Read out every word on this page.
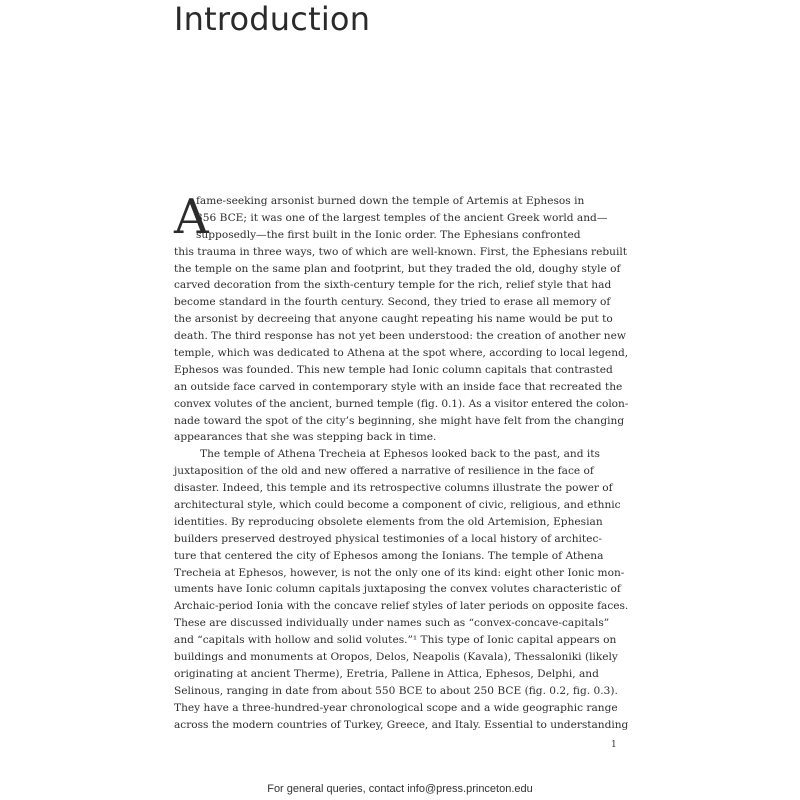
Introduction
A
fame-seeking arsonist burned down the temple of Artemis at Ephesos in
356 BCE; it was one of the largest temples of the ancient Greek world and—
supposedly—the first built in the Ionic order. The Ephesians confronted
this trauma in three ways, two of which are well-known. First, the Ephesians rebuilt
the temple on the same plan and footprint, but they traded the old, doughy style of
carved decoration from the sixth-century temple for the rich, relief style that had
become standard in the fourth century. Second, they tried to erase all memory of
the arsonist by decreeing that anyone caught repeating his name would be put to
death. The third response has not yet been understood: the creation of another new
temple, which was dedicated to Athena at the spot where, according to local legend,
Ephesos was founded. This new temple had Ionic column capitals that contrasted
an outside face carved in contemporary style with an inside face that recreated the
convex volutes of the ancient, burned temple (fig. 0.1). As a visitor entered the colon-
nade toward the spot of the city’s beginning, she might have felt from the changing
appearances that she was stepping back in time.
The temple of Athena Trecheia at Ephesos looked back to the past, and its
juxtaposition of the old and new offered a narrative of resilience in the face of
disaster. Indeed, this temple and its retrospective columns illustrate the power of
architectural style, which could become a component of civic, religious, and ethnic
identities. By reproducing obsolete elements from the old Artemision, Ephesian
builders preserved destroyed physical testimonies of a local history of architec-
ture that centered the city of Ephesos among the Ionians. The temple of Athena
Trecheia at Ephesos, however, is not the only one of its kind: eight other Ionic mon-
uments have Ionic column capitals juxtaposing the convex volutes characteristic of
Archaic-period Ionia with the concave relief styles of later periods on opposite faces.
These are discussed individually under names such as “convex-concave-capitals”
and “capitals with hollow and solid volutes.”¹ This type of Ionic capital appears on
buildings and monuments at Oropos, Delos, Neapolis (Kavala), Thessaloniki (likely
originating at ancient Therme), Eretria, Pallene in Attica, Ephesos, Delphi, and
Selinous, ranging in date from about 550 BCE to about 250 BCE (fig. 0.2, fig. 0.3).
They have a three-hundred-year chronological scope and a wide geographic range
across the modern countries of Turkey, Greece, and Italy. Essential to understanding
1
For general queries, contact info@press.princeton.edu
